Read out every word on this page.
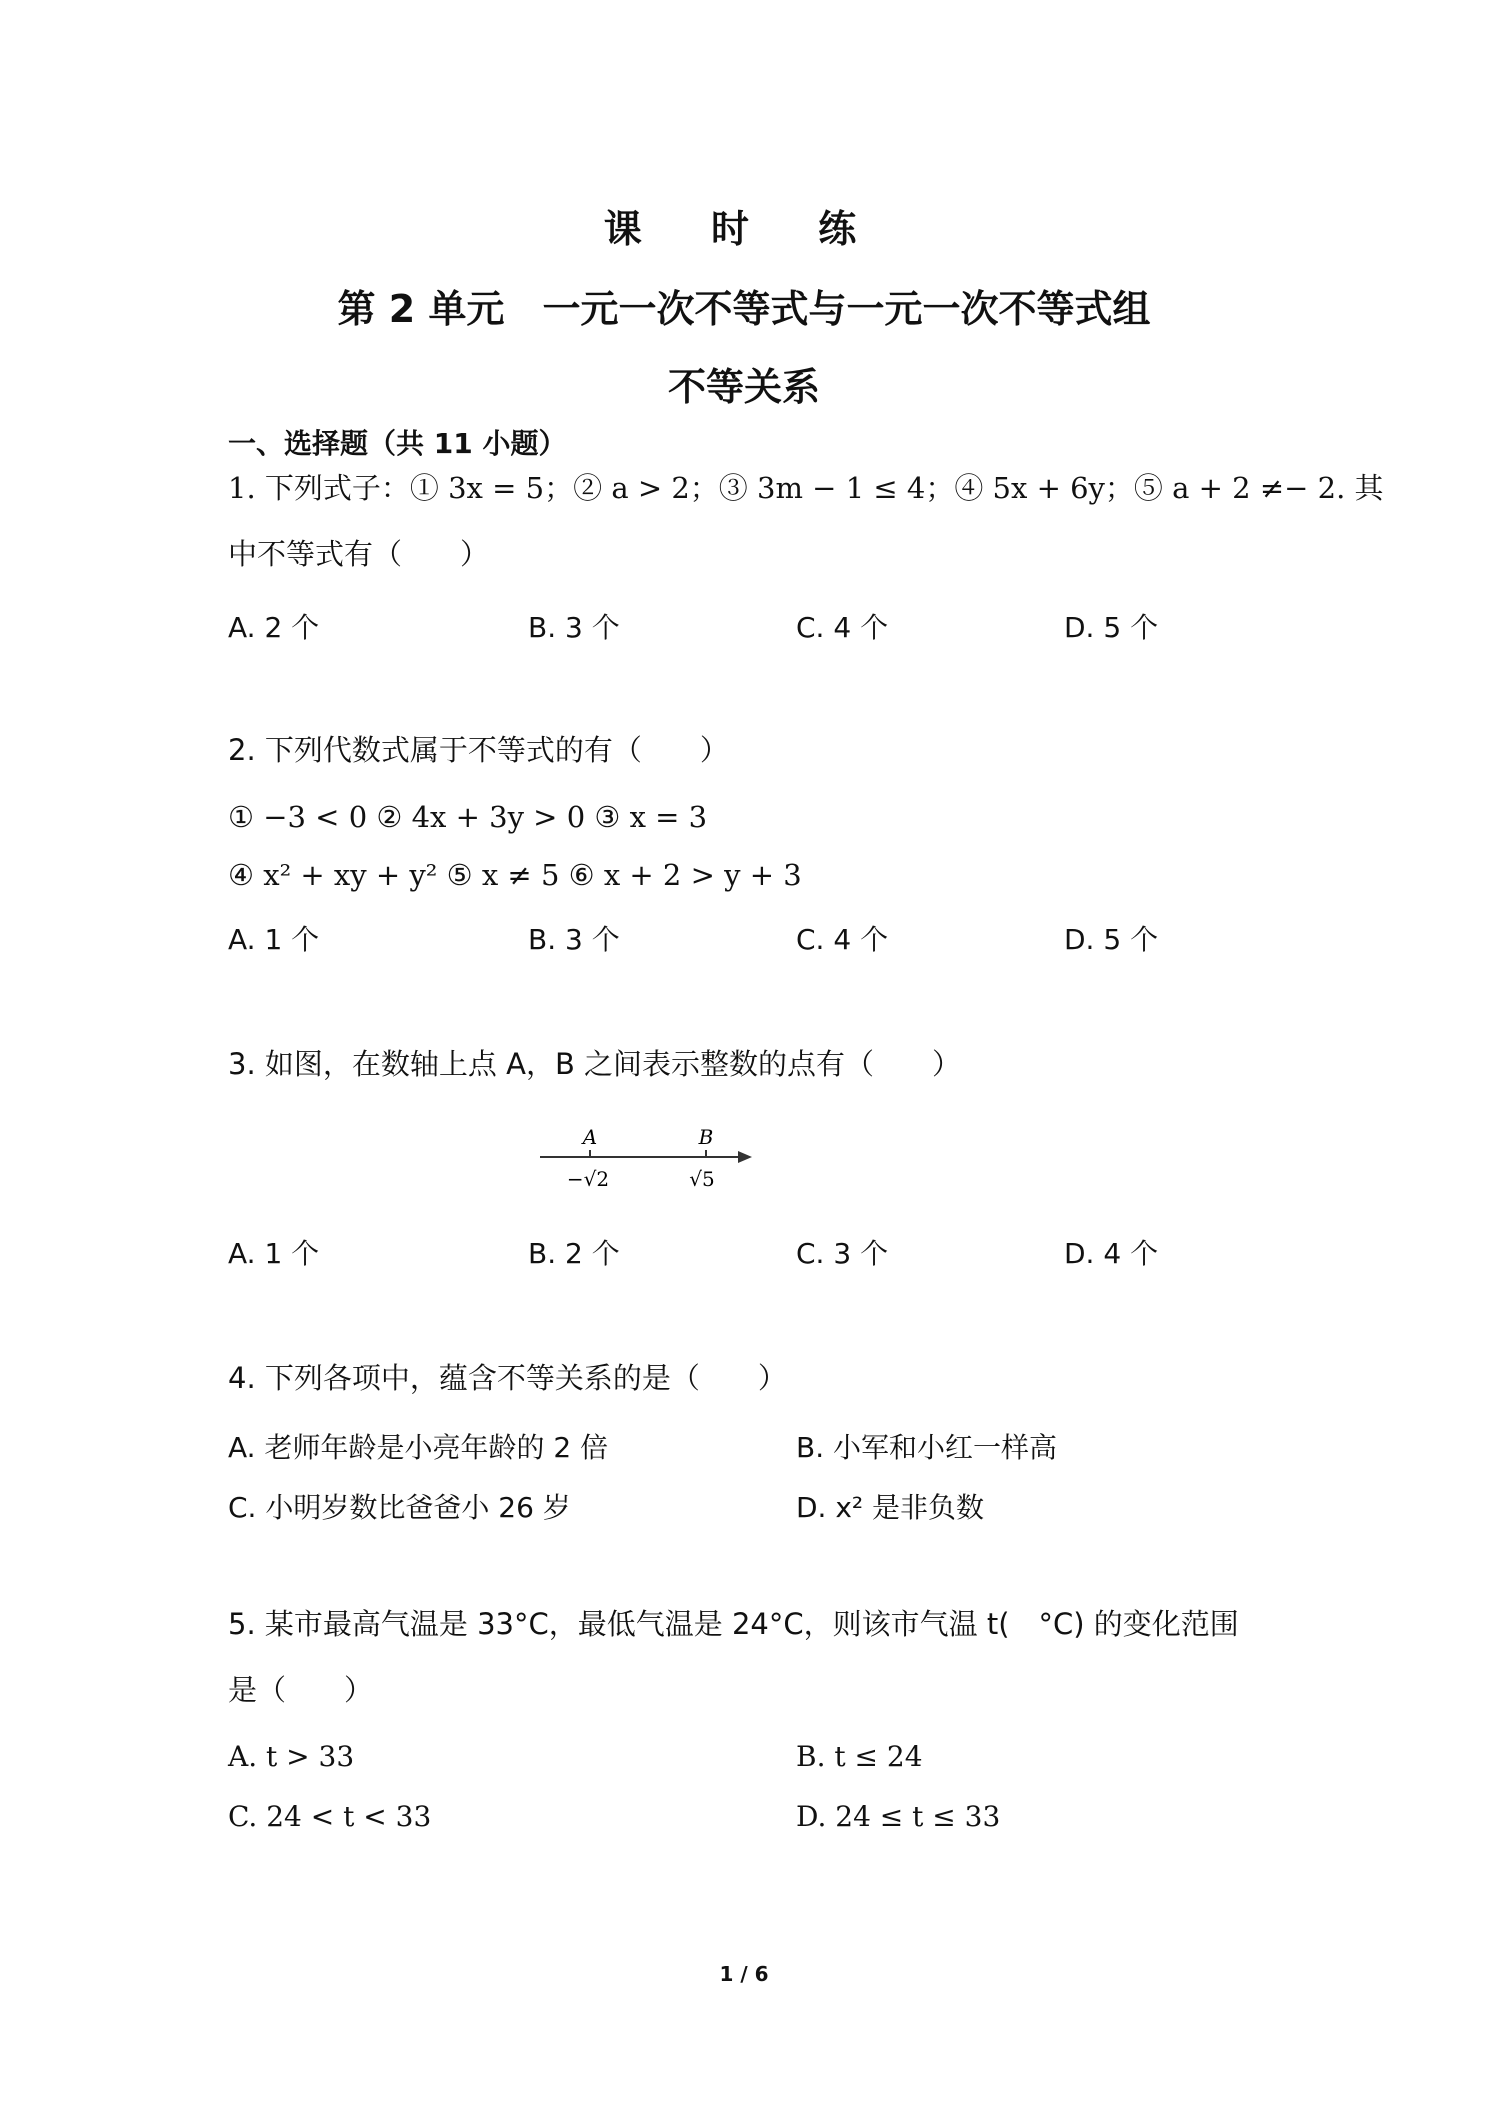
课 时 练
第 2 单元　一元一次不等式与一元一次不等式组
不等关系
一、选择题（共 11 小题）
1. 下列式子：① 3x = 5；② a > 2；③ 3m − 1 ≤ 4；④ 5x + 6y；⑤ a + 2 ≠− 2. 其
中不等式有（　　）
A. 2 个	B. 3 个	C. 4 个	D. 5 个
2. 下列代数式属于不等式的有（　　）
① −3 < 0 ② 4x + 3y > 0 ③ x = 3
④ x² + xy + y² ⑤ x ≠ 5 ⑥ x + 2 > y + 3
A. 1 个	B. 3 个	C. 4 个	D. 5 个
3. 如图，在数轴上点 A，B 之间表示整数的点有（　　）
A	B
−√2	√5
A. 1 个	B. 2 个	C. 3 个	D. 4 个
4. 下列各项中，蕴含不等关系的是（　　）
A. 老师年龄是小亮年龄的 2 倍	B. 小军和小红一样高
C. 小明岁数比爸爸小 26 岁	D. x² 是非负数
5. 某市最高气温是 33°C，最低气温是 24°C，则该市气温 t(　°C) 的变化范围
是（　　）
A. t > 33	B. t ≤ 24
C. 24 < t < 33	D. 24 ≤ t ≤ 33
1 / 6
